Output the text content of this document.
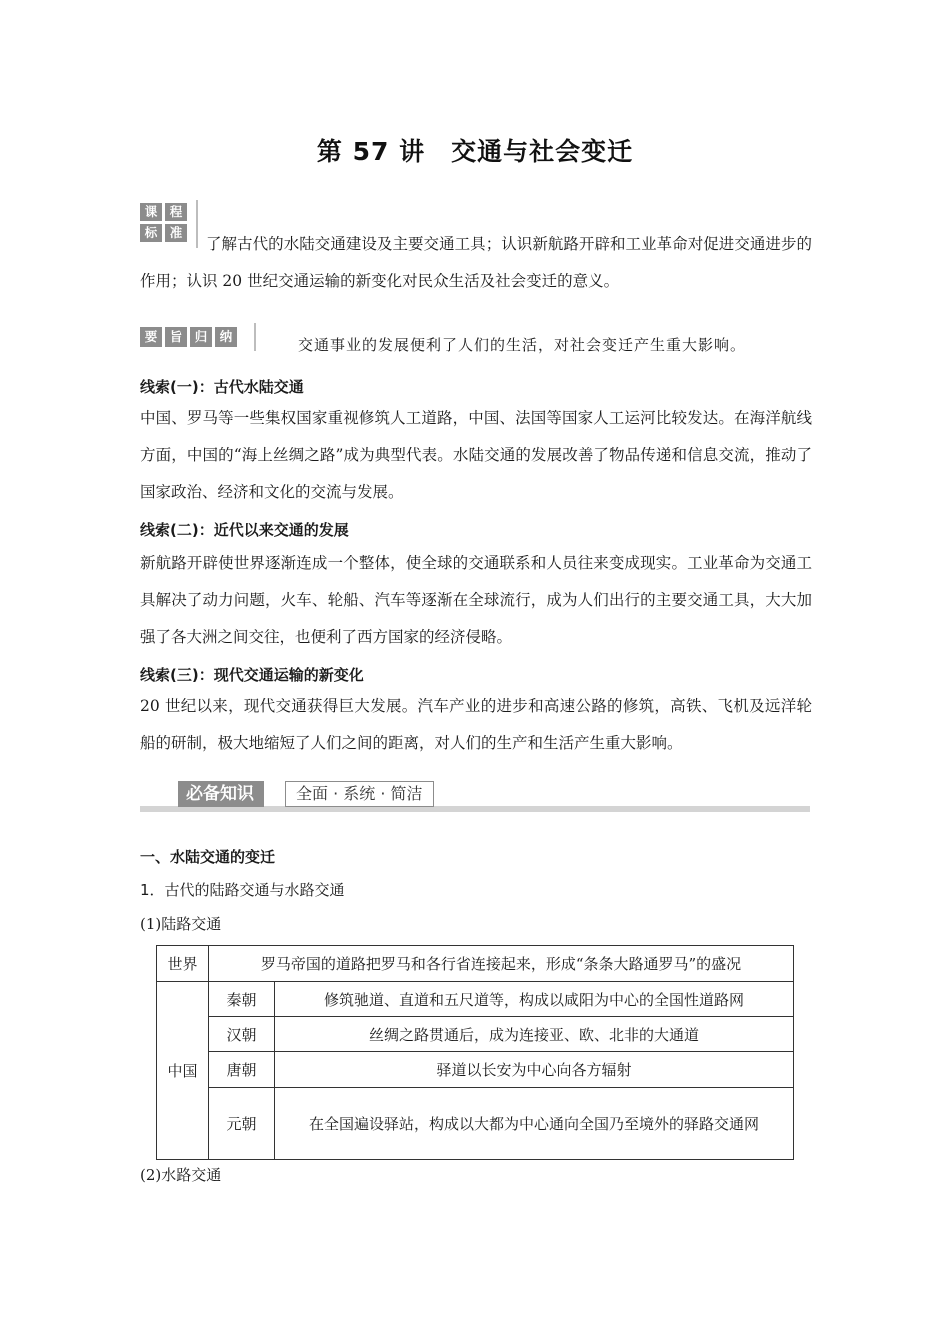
第 57 讲　交通与社会变迁
课 程
标 准
了解古代的水陆交通建设及主要交通工具；认识新航路开辟和工业革命对促进交通进步的作用；认识 20 世纪交通运输的新变化对民众生活及社会变迁的意义。
要 旨 归 纳	交通事业的发展便利了人们的生活，对社会变迁产生重大影响。
线索(一)：古代水陆交通
中国、罗马等一些集权国家重视修筑人工道路，中国、法国等国家人工运河比较发达。在海洋航线方面，中国的“海上丝绸之路”成为典型代表。水陆交通的发展改善了物品传递和信息交流，推动了国家政治、经济和文化的交流与发展。
线索(二)：近代以来交通的发展
新航路开辟使世界逐渐连成一个整体，使全球的交通联系和人员往来变成现实。工业革命为交通工具解决了动力问题，火车、轮船、汽车等逐渐在全球流行，成为人们出行的主要交通工具，大大加强了各大洲之间交往，也便利了西方国家的经济侵略。
线索(三)：现代交通运输的新变化
20 世纪以来，现代交通获得巨大发展。汽车产业的进步和高速公路的修筑，高铁、飞机及远洋轮船的研制，极大地缩短了人们之间的距离，对人们的生产和生活产生重大影响。
必备知识	全面 · 系统 · 简洁
一、水陆交通的变迁
1．古代的陆路交通与水路交通
(1)陆路交通
世界	罗马帝国的道路把罗马和各行省连接起来，形成“条条大路通罗马”的盛况	
中国	秦朝	修筑驰道、直道和五尺道等，构成以咸阳为中心的全国性道路网
	汉朝	丝绸之路贯通后，成为连接亚、欧、北非的大通道
	唐朝	驿道以长安为中心向各方辐射
	元朝	在全国遍设驿站，构成以大都为中心通向全国乃至境外的驿路交通网
(2)水路交通
